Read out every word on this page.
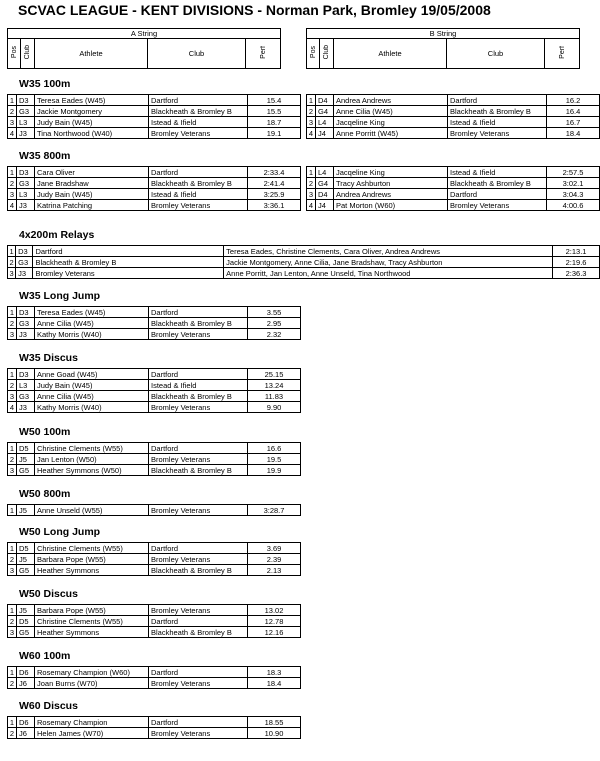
SCVAC LEAGUE - KENT DIVISIONS - Norman Park, Bromley 19/05/2008
A String
Pos	Club	Athlete	Club	Perf
B String
Pos	Club	Athlete	Club	Perf
W35 100m
1	D3	Teresa Eades (W45)	Dartford	15.4
2	G3	Jackie Montgomery	Blackheath & Bromley B	15.5
3	L3	Judy Bain (W45)	Istead & Ifield	18.7
4	J3	Tina Northwood (W40)	Bromley Veterans	19.1
1	D4	Andrea Andrews	Dartford	16.2
2	G4	Anne Cilia (W45)	Blackheath & Bromley B	16.4
3	L4	Jacqeline King	Istead & Ifield	16.7
4	J4	Anne Porritt (W45)	Bromley Veterans	18.4
W35 800m
1	D3	Cara Oliver	Dartford	2:33.4
2	G3	Jane Bradshaw	Blackheath & Bromley B	2:41.4
3	L3	Judy Bain (W45)	Istead & Ifield	3:25.9
4	J3	Katrina Patching	Bromley Veterans	3:36.1
1	L4	Jacqeline King	Istead & Ifield	2:57.5
2	G4	Tracy Ashburton	Blackheath & Bromley B	3:02.1
3	D4	Andrea Andrews	Dartford	3:04.3
4	J4	Pat Morton (W60)	Bromley Veterans	4:00.6
4x200m Relays
1	D3	Dartford	Teresa Eades, Christine Clements, Cara Oliver, Andrea Andrews	2:13.1
2	G3	Blackheath & Bromley B	Jackie Montgomery, Anne Cilia, Jane Bradshaw, Tracy Ashburton	2:19.6
3	J3	Bromley Veterans	Anne Porritt, Jan Lenton, Anne Unseld, Tina Northwood	2:36.3
W35 Long Jump
1	D3	Teresa Eades (W45)	Dartford	3.55
2	G3	Anne Cilia (W45)	Blackheath & Bromley B	2.95
3	J3	Kathy Morris (W40)	Bromley Veterans	2.32
W35 Discus
1	D3	Anne Goad (W45)	Dartford	25.15
2	L3	Judy Bain (W45)	Istead & Ifield	13.24
3	G3	Anne Cilia (W45)	Blackheath & Bromley B	11.83
4	J3	Kathy Morris (W40)	Bromley Veterans	9.90
W50 100m
1	D5	Christine Clements (W55)	Dartford	16.6
2	J5	Jan Lenton (W50)	Bromley Veterans	19.5
3	G5	Heather Symmons (W50)	Blackheath & Bromley B	19.9
W50 800m
1	J5	Anne Unseld (W55)	Bromley Veterans	3:28.7
W50 Long Jump
1	D5	Christine Clements (W55)	Dartford	3.69
2	J5	Barbara Pope (W55)	Bromley Veterans	2.39
3	G5	Heather Symmons	Blackheath & Bromley B	2.13
W50 Discus
1	J5	Barbara Pope (W55)	Bromley Veterans	13.02
2	D5	Christine Clements (W55)	Dartford	12.78
3	G5	Heather Symmons	Blackheath & Bromley B	12.16
W60 100m
1	D6	Rosemary Champion (W60)	Dartford	18.3
2	J6	Joan Burns (W70)	Bromley Veterans	18.4
W60 Discus
1	D6	Rosemary Champion	Dartford	18.55
2	J6	Helen James (W70)	Bromley Veterans	10.90
